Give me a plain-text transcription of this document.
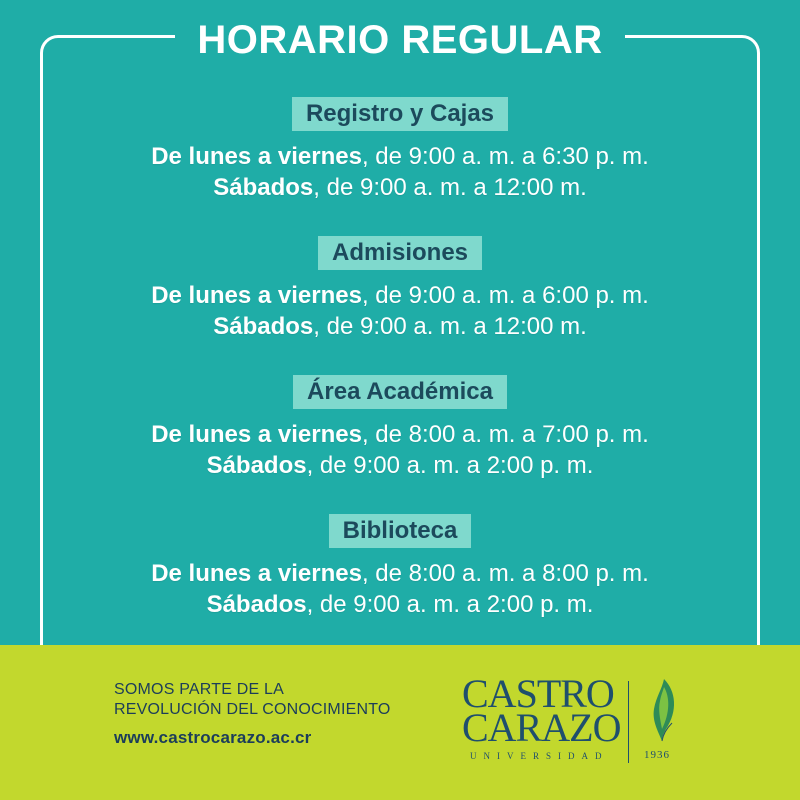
HORARIO REGULAR
Registro y Cajas
De lunes a viernes, de 9:00 a. m. a 6:30 p. m.
Sábados, de 9:00 a. m. a 12:00 m.
Admisiones
De lunes a viernes, de 9:00 a. m. a 6:00 p. m.
Sábados, de 9:00 a. m. a 12:00 m.
Área Académica
De lunes a viernes, de 8:00 a. m. a 7:00 p. m.
Sábados, de 9:00 a. m. a 2:00 p. m.
Biblioteca
De lunes a viernes, de 8:00 a. m. a 8:00 p. m.
Sábados, de 9:00 a. m. a 2:00 p. m.
SOMOS PARTE DE LA
REVOLUCIÓN DEL CONOCIMIENTO
www.castrocarazo.ac.cr
CASTRO
CARAZO
UNIVERSIDAD	1936
